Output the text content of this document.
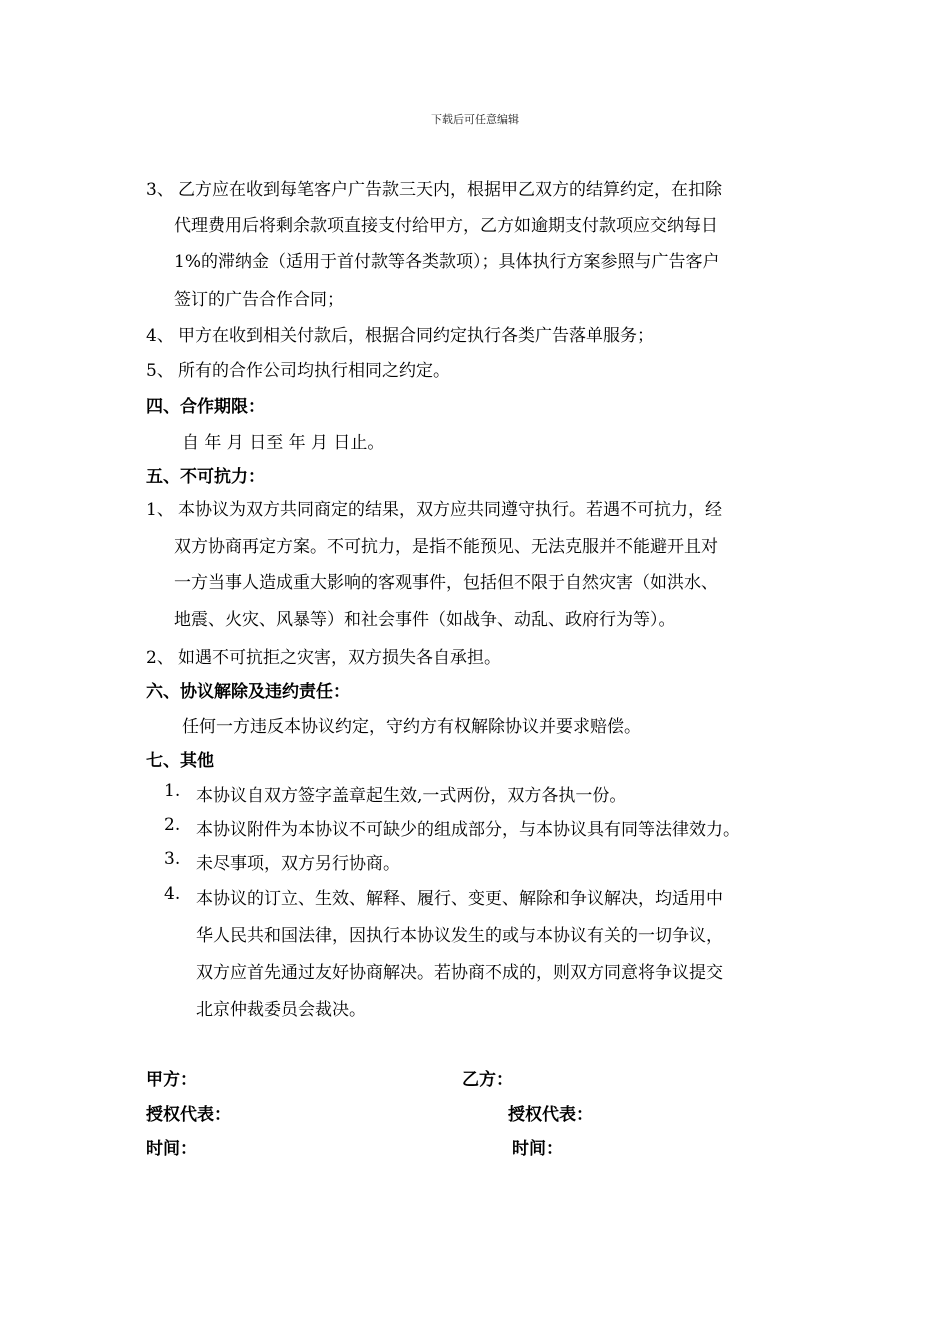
下载后可任意编辑
3、 乙方应在收到每笔客户广告款三天内，根据甲乙双方的结算约定，在扣除
代理费用后将剩余款项直接支付给甲方，乙方如逾期支付款项应交纳每日
1%的滞纳金（适用于首付款等各类款项）；具体执行方案参照与广告客户
签订的广告合作合同；
4、 甲方在收到相关付款后，根据合同约定执行各类广告落单服务；
5、 所有的合作公司均执行相同之约定。
四、合作期限：
自 年 月 日至 年 月 日止。
五、不可抗力：
1、 本协议为双方共同商定的结果，双方应共同遵守执行。若遇不可抗力，经
双方协商再定方案。不可抗力，是指不能预见、无法克服并不能避开且对
一方当事人造成重大影响的客观事件，包括但不限于自然灾害（如洪水、
地震、火灾、风暴等）和社会事件（如战争、动乱、政府行为等）。
2、 如遇不可抗拒之灾害，双方损失各自承担。
六、协议解除及违约责任：
任何一方违反本协议约定，守约方有权解除协议并要求赔偿。
七、其他
1. 本协议自双方签字盖章起生效,一式两份，双方各执一份。
2. 本协议附件为本协议不可缺少的组成部分，与本协议具有同等法律效力。
3. 未尽事项，双方另行协商。
4. 本协议的订立、生效、解释、履行、变更、解除和争议解决，均适用中
华人民共和国法律，因执行本协议发生的或与本协议有关的一切争议，
双方应首先通过友好协商解决。若协商不成的，则双方同意将争议提交
北京仲裁委员会裁决。
甲方：	乙方：
授权代表：	授权代表：
时间：	时间：
